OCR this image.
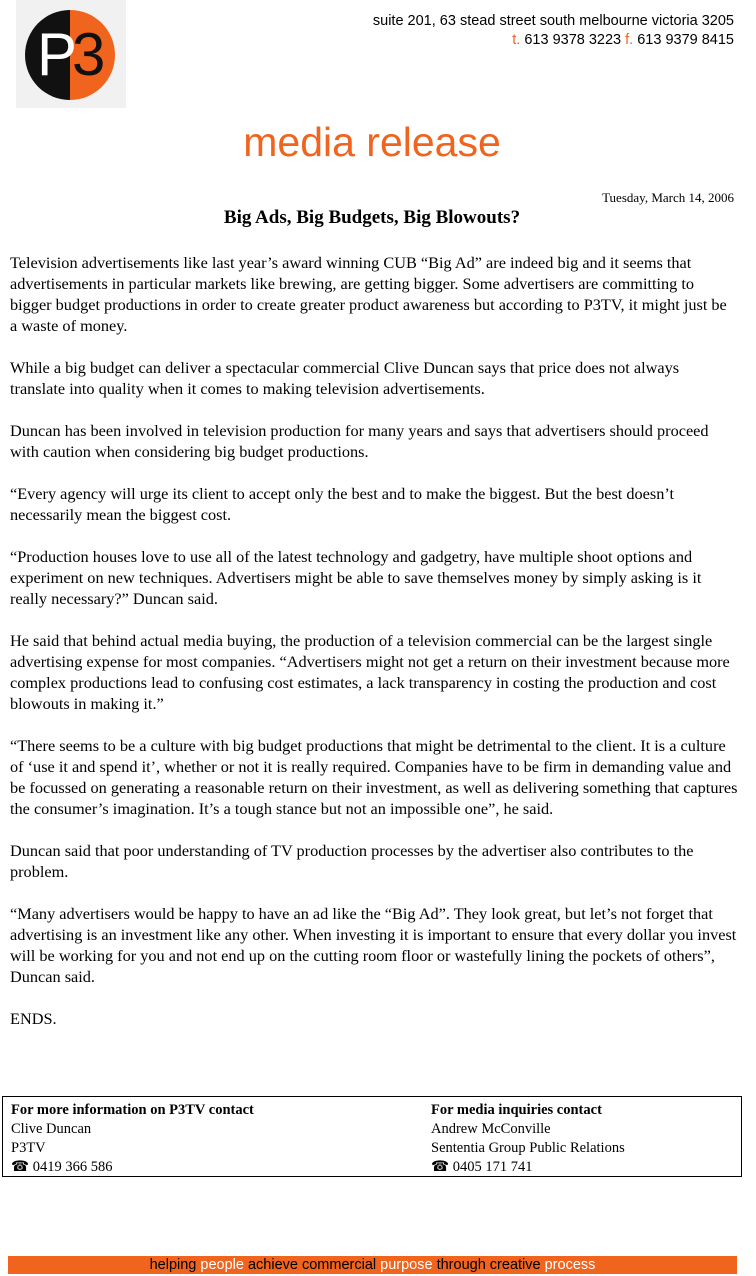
P
3	suite 201, 63 stead street south melbourne victoria 3205
t. 613 9378 3223 f. 613 9379 8415
media release
Tuesday, March 14, 2006
Big Ads, Big Budgets, Big Blowouts?

Television advertisements like last year’s award winning CUB “Big Ad” are indeed big and it seems that advertisements in particular markets like brewing, are getting bigger. Some advertisers are committing to bigger budget productions in order to create greater product awareness but according to P3TV, it might just be a waste of money.

While a big budget can deliver a spectacular commercial Clive Duncan says that price does not always translate into quality when it comes to making television advertisements.

Duncan has been involved in television production for many years and says that advertisers should proceed with caution when considering big budget productions.

“Every agency will urge its client to accept only the best and to make the biggest. But the best doesn’t necessarily mean the biggest cost.

“Production houses love to use all of the latest technology and gadgetry, have multiple shoot options and experiment on new techniques. Advertisers might be able to save themselves money by simply asking is it really necessary?” Duncan said.

He said that behind actual media buying, the production of a television commercial can be the largest single advertising expense for most companies. “Advertisers might not get a return on their investment because more complex productions lead to confusing cost estimates, a lack transparency in costing the production and cost blowouts in making it.”

“There seems to be a culture with big budget productions that might be detrimental to the client. It is a culture of ‘use it and spend it’, whether or not it is really required. Companies have to be firm in demanding value and be focussed on generating a reasonable return on their investment, as well as delivering something that captures the consumer’s imagination. It’s a tough stance but not an impossible one”, he said.

Duncan said that poor understanding of TV production processes by the advertiser also contributes to the problem.

“Many advertisers would be happy to have an ad like the “Big Ad”. They look great, but let’s not forget that advertising is an investment like any other. When investing it is important to ensure that every dollar you invest will be working for you and not end up on the cutting room floor or wastefully lining the pockets of others”, Duncan said.

ENDS.

For more information on P3TV contact
Clive Duncan
P3TV
☎ 0419 366 586
For media inquiries contact
Andrew McConville
Sententia Group Public Relations
☎ 0405 171 741
helping people achieve commercial purpose through creative process
